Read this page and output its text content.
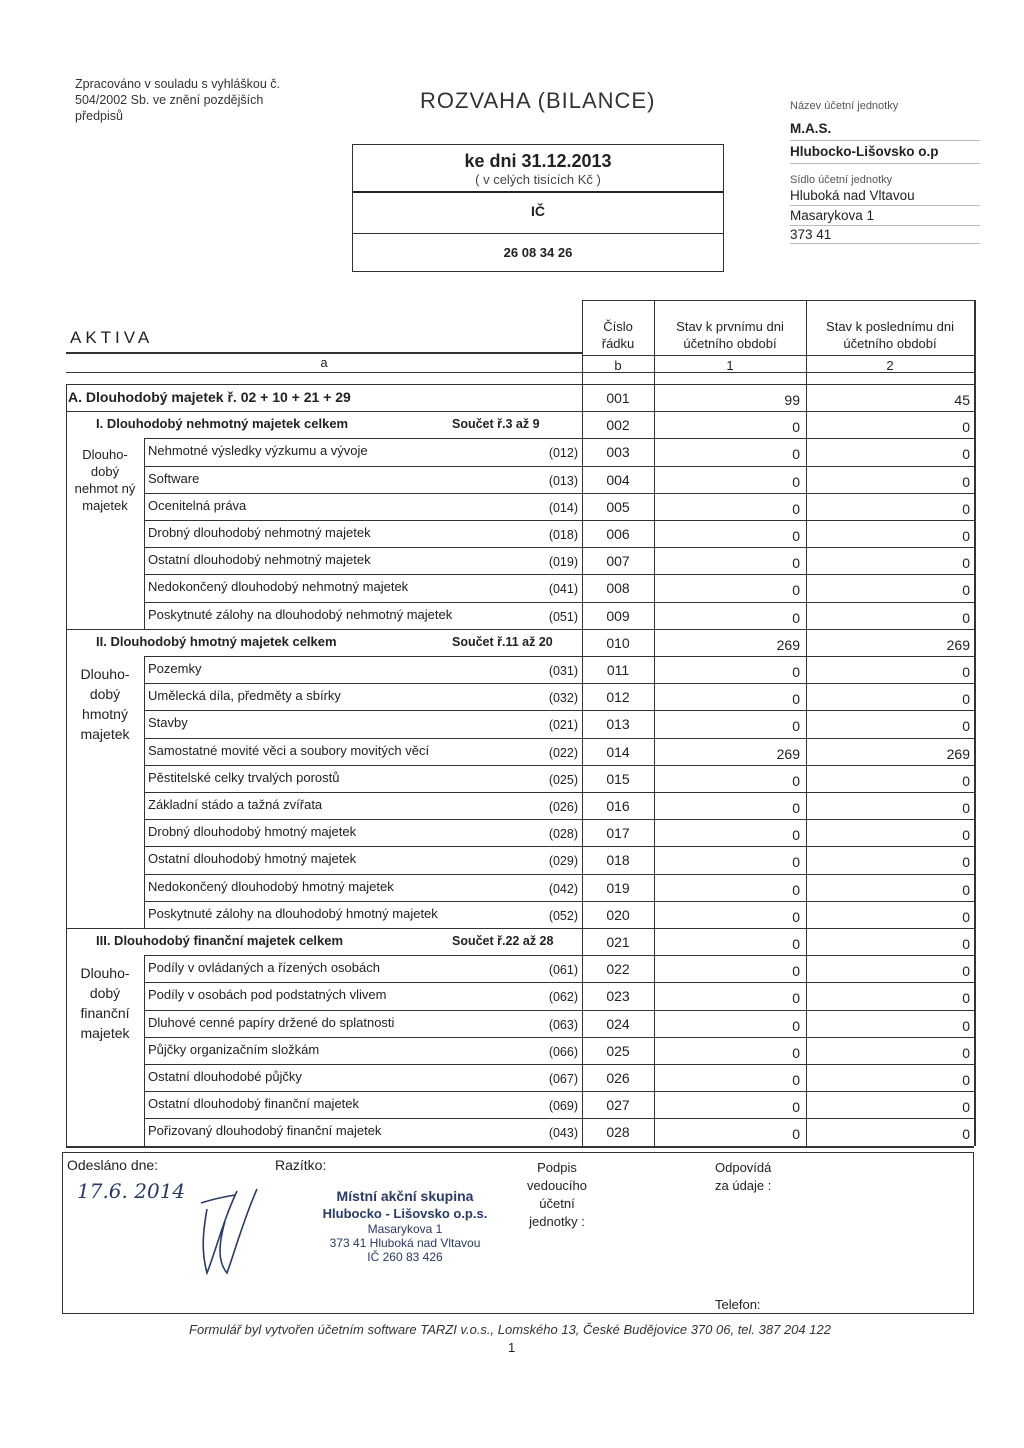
Zpracováno v souladu s vyhláškou č.
504/2002 Sb. ve znění pozdějších
předpisů
ROZVAHA (BILANCE)
ke dni 31.12.2013
( v celých tisících Kč )
IČ
26 08 34 26
Název účetní jednotky
M.A.S.
Hlubocko-Lišovsko o.p
Sídlo účetní jednotky
Hluboká nad Vltavou
Masarykova 1
373 41
AKTIVA
Číslo
řádku
Stav k prvnímu dni
účetního období
Stav k poslednímu dni
účetního období
a	b	1	2
Dlouho-
dobý
nehmot ný
majetek
Dlouho-
dobý
hmotný
majetek
Dlouho-
dobý
finanční
majetek
A. Dlouhodobý majetek ř. 02 + 10 + 21 + 29	001	99	45
I. Dlouhodobý nehmotný majetek celkem	Součet ř.3 až 9	002	0	0
Nehmotné výsledky výzkumu a vývoje	(012)	003	0	0
Software	(013)	004	0	0
Ocenitelná práva	(014)	005	0	0
Drobný dlouhodobý nehmotný majetek	(018)	006	0	0
Ostatní dlouhodobý nehmotný majetek	(019)	007	0	0
Nedokončený dlouhodobý nehmotný majetek	(041)	008	0	0
Poskytnuté zálohy na dlouhodobý nehmotný majetek	(051)	009	0	0
II. Dlouhodobý hmotný majetek celkem	Součet ř.11 až 20	010	269	269
Pozemky	(031)	011	0	0
Umělecká díla, předměty a sbírky	(032)	012	0	0
Stavby	(021)	013	0	0
Samostatné movité věci a soubory movitých věcí	(022)	014	269	269
Pěstitelské celky trvalých porostů	(025)	015	0	0
Základní stádo a tažná zvířata	(026)	016	0	0
Drobný dlouhodobý hmotný majetek	(028)	017	0	0
Ostatní dlouhodobý hmotný majetek	(029)	018	0	0
Nedokončený dlouhodobý hmotný majetek	(042)	019	0	0
Poskytnuté zálohy na dlouhodobý hmotný majetek	(052)	020	0	0
III. Dlouhodobý finanční majetek celkem	Součet ř.22 až 28	021	0	0
Podíly v ovládaných a řízených osobách	(061)	022	0	0
Podíly v osobách pod podstatných vlivem	(062)	023	0	0
Dluhové cenné papíry držené do splatnosti	(063)	024	0	0
Půjčky organizačním složkám	(066)	025	0	0
Ostatní dlouhodobé půjčky	(067)	026	0	0
Ostatní dlouhodobý finanční majetek	(069)	027	0	0
Pořizovaný dlouhodobý finanční majetek	(043)	028	0	0
Odesláno dne:
17.6. 2014
Razítko:	Podpis
vedoucího
účetní
jednotky :
Odpovídá
za údaje :
Telefon:
Místní akční skupina
Hlubocko - Lišovsko o.p.s.
Masarykova 1
373 41 Hluboká nad Vltavou
IČ 260 83 426
Formulář byl vytvořen účetním software TARZI v.o.s., Lomského 13, České Budějovice 370 06, tel. 387 204 122
1
